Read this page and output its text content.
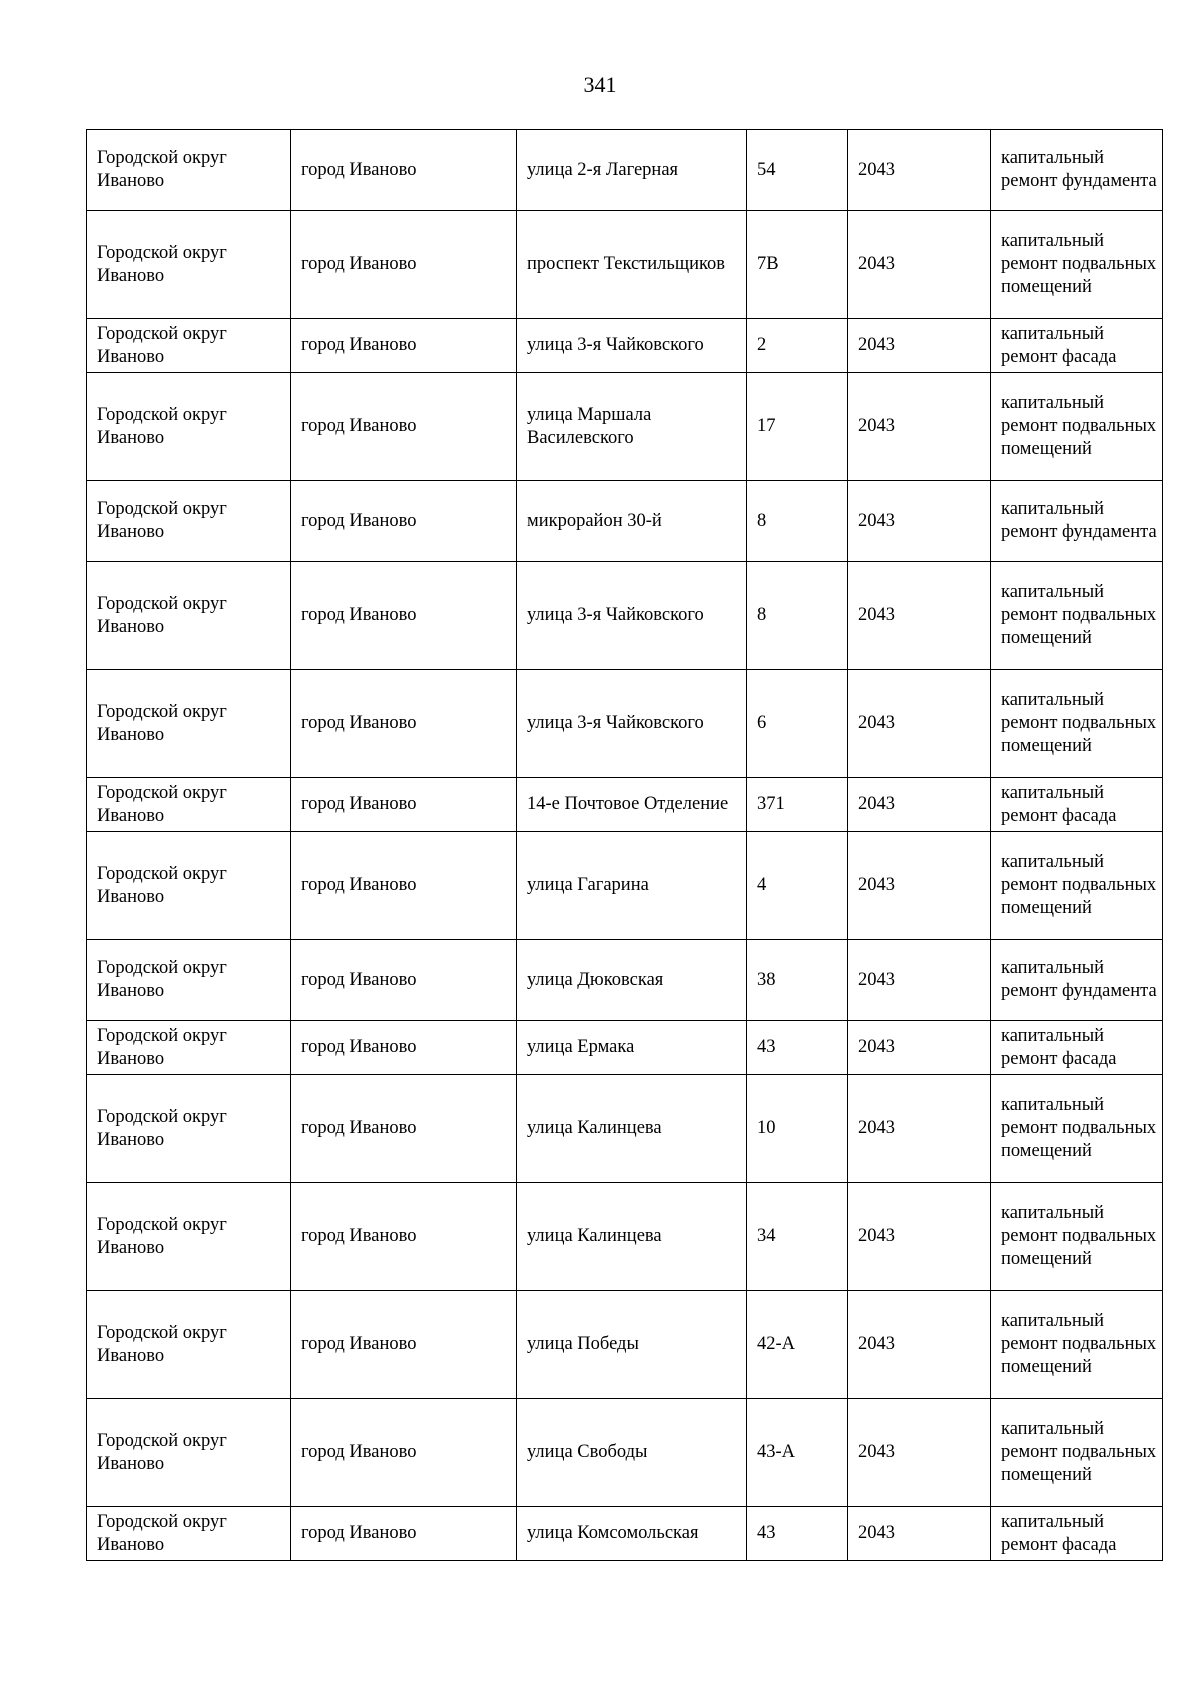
341
Городской округ Иваново	город Иваново	улица 2-я Лагерная	54	2043	капитальный ремонт фундамента
Городской округ Иваново	город Иваново	проспект Текстильщиков	7В	2043	капитальный ремонт подвальных помещений
Городской округ Иваново	город Иваново	улица 3-я Чайковского	2	2043	капитальный ремонт фасада
Городской округ Иваново	город Иваново	улица Маршала Василевского	17	2043	капитальный ремонт подвальных помещений
Городской округ Иваново	город Иваново	микрорайон 30-й	8	2043	капитальный ремонт фундамента
Городской округ Иваново	город Иваново	улица 3-я Чайковского	8	2043	капитальный ремонт подвальных помещений
Городской округ Иваново	город Иваново	улица 3-я Чайковского	6	2043	капитальный ремонт подвальных помещений
Городской округ Иваново	город Иваново	14-е Почтовое Отделение	371	2043	капитальный ремонт фасада
Городской округ Иваново	город Иваново	улица Гагарина	4	2043	капитальный ремонт подвальных помещений
Городской округ Иваново	город Иваново	улица Дюковская	38	2043	капитальный ремонт фундамента
Городской округ Иваново	город Иваново	улица Ермака	43	2043	капитальный ремонт фасада
Городской округ Иваново	город Иваново	улица Калинцева	10	2043	капитальный ремонт подвальных помещений
Городской округ Иваново	город Иваново	улица Калинцева	34	2043	капитальный ремонт подвальных помещений
Городской округ Иваново	город Иваново	улица Победы	42-А	2043	капитальный ремонт подвальных помещений
Городской округ Иваново	город Иваново	улица Свободы	43-А	2043	капитальный ремонт подвальных помещений
Городской округ Иваново	город Иваново	улица Комсомольская	43	2043	капитальный ремонт фасада
